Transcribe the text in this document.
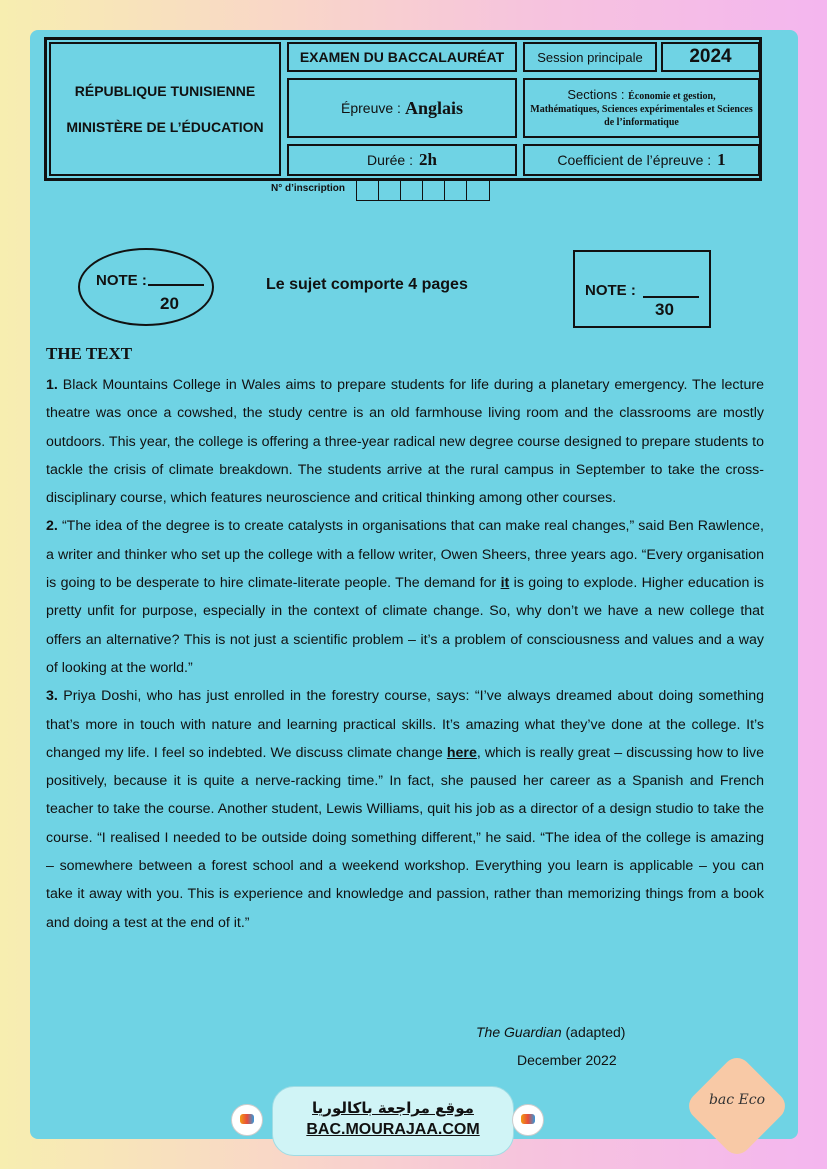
RÉPUBLIQUE TUNISIENNE
MINISTÈRE DE L’ÉDUCATION
EXAMEN DU BACCALAURÉAT	Session principale	2024
Épreuve : Anglais
Sections : Économie et gestion,
Mathématiques, Sciences expérimentales et Sciences de l’informatique
Durée : 2h	Coefficient de l’épreuve : 1
N° d’inscription
NOTE :
20
Le sujet comporte 4 pages	NOTE :
30
THE TEXT

1. Black Mountains College in Wales aims to prepare students for life during a planetary emergency. The lecture theatre was once a cowshed, the study centre is an old farmhouse living room and the classrooms are mostly outdoors. This year, the college is offering a three-year radical new degree course designed to prepare students to tackle the crisis of climate breakdown. The students arrive at the rural campus in September to take the cross-disciplinary course, which features neuroscience and critical thinking among other courses.

2. “The idea of the degree is to create catalysts in organisations that can make real changes,” said Ben Rawlence, a writer and thinker who set up the college with a fellow writer, Owen Sheers, three years ago. “Every organisation is going to be desperate to hire climate-literate people. The demand for it is going to explode. Higher education is pretty unfit for purpose, especially in the context of climate change. So, why don’t we have a new college that offers an alternative? This is not just a scientific problem – it’s a problem of consciousness and values and a way of looking at the world.”

3. Priya Doshi, who has just enrolled in the forestry course, says: “I’ve always dreamed about doing something that’s more in touch with nature and learning practical skills. It’s amazing what they’ve done at the college. It’s changed my life. I feel so indebted. We discuss climate change here, which is really great – discussing how to live positively, because it is quite a nerve-racking time.” In fact, she paused her career as a Spanish and French teacher to take the course. Another student, Lewis Williams, quit his job as a director of a design studio to take the course. “I realised I needed to be outside doing something different,” he said. “The idea of the college is amazing – somewhere between a forest school and a weekend workshop. Everything you learn is applicable – you can take it away with you. This is experience and knowledge and passion, rather than memorizing things from a book and doing a test at the end of it.”

The Guardian (adapted)
December 2022
موقع مراجعة باكالوريا
BAC.MOURAJAA.COM
bac Eco
